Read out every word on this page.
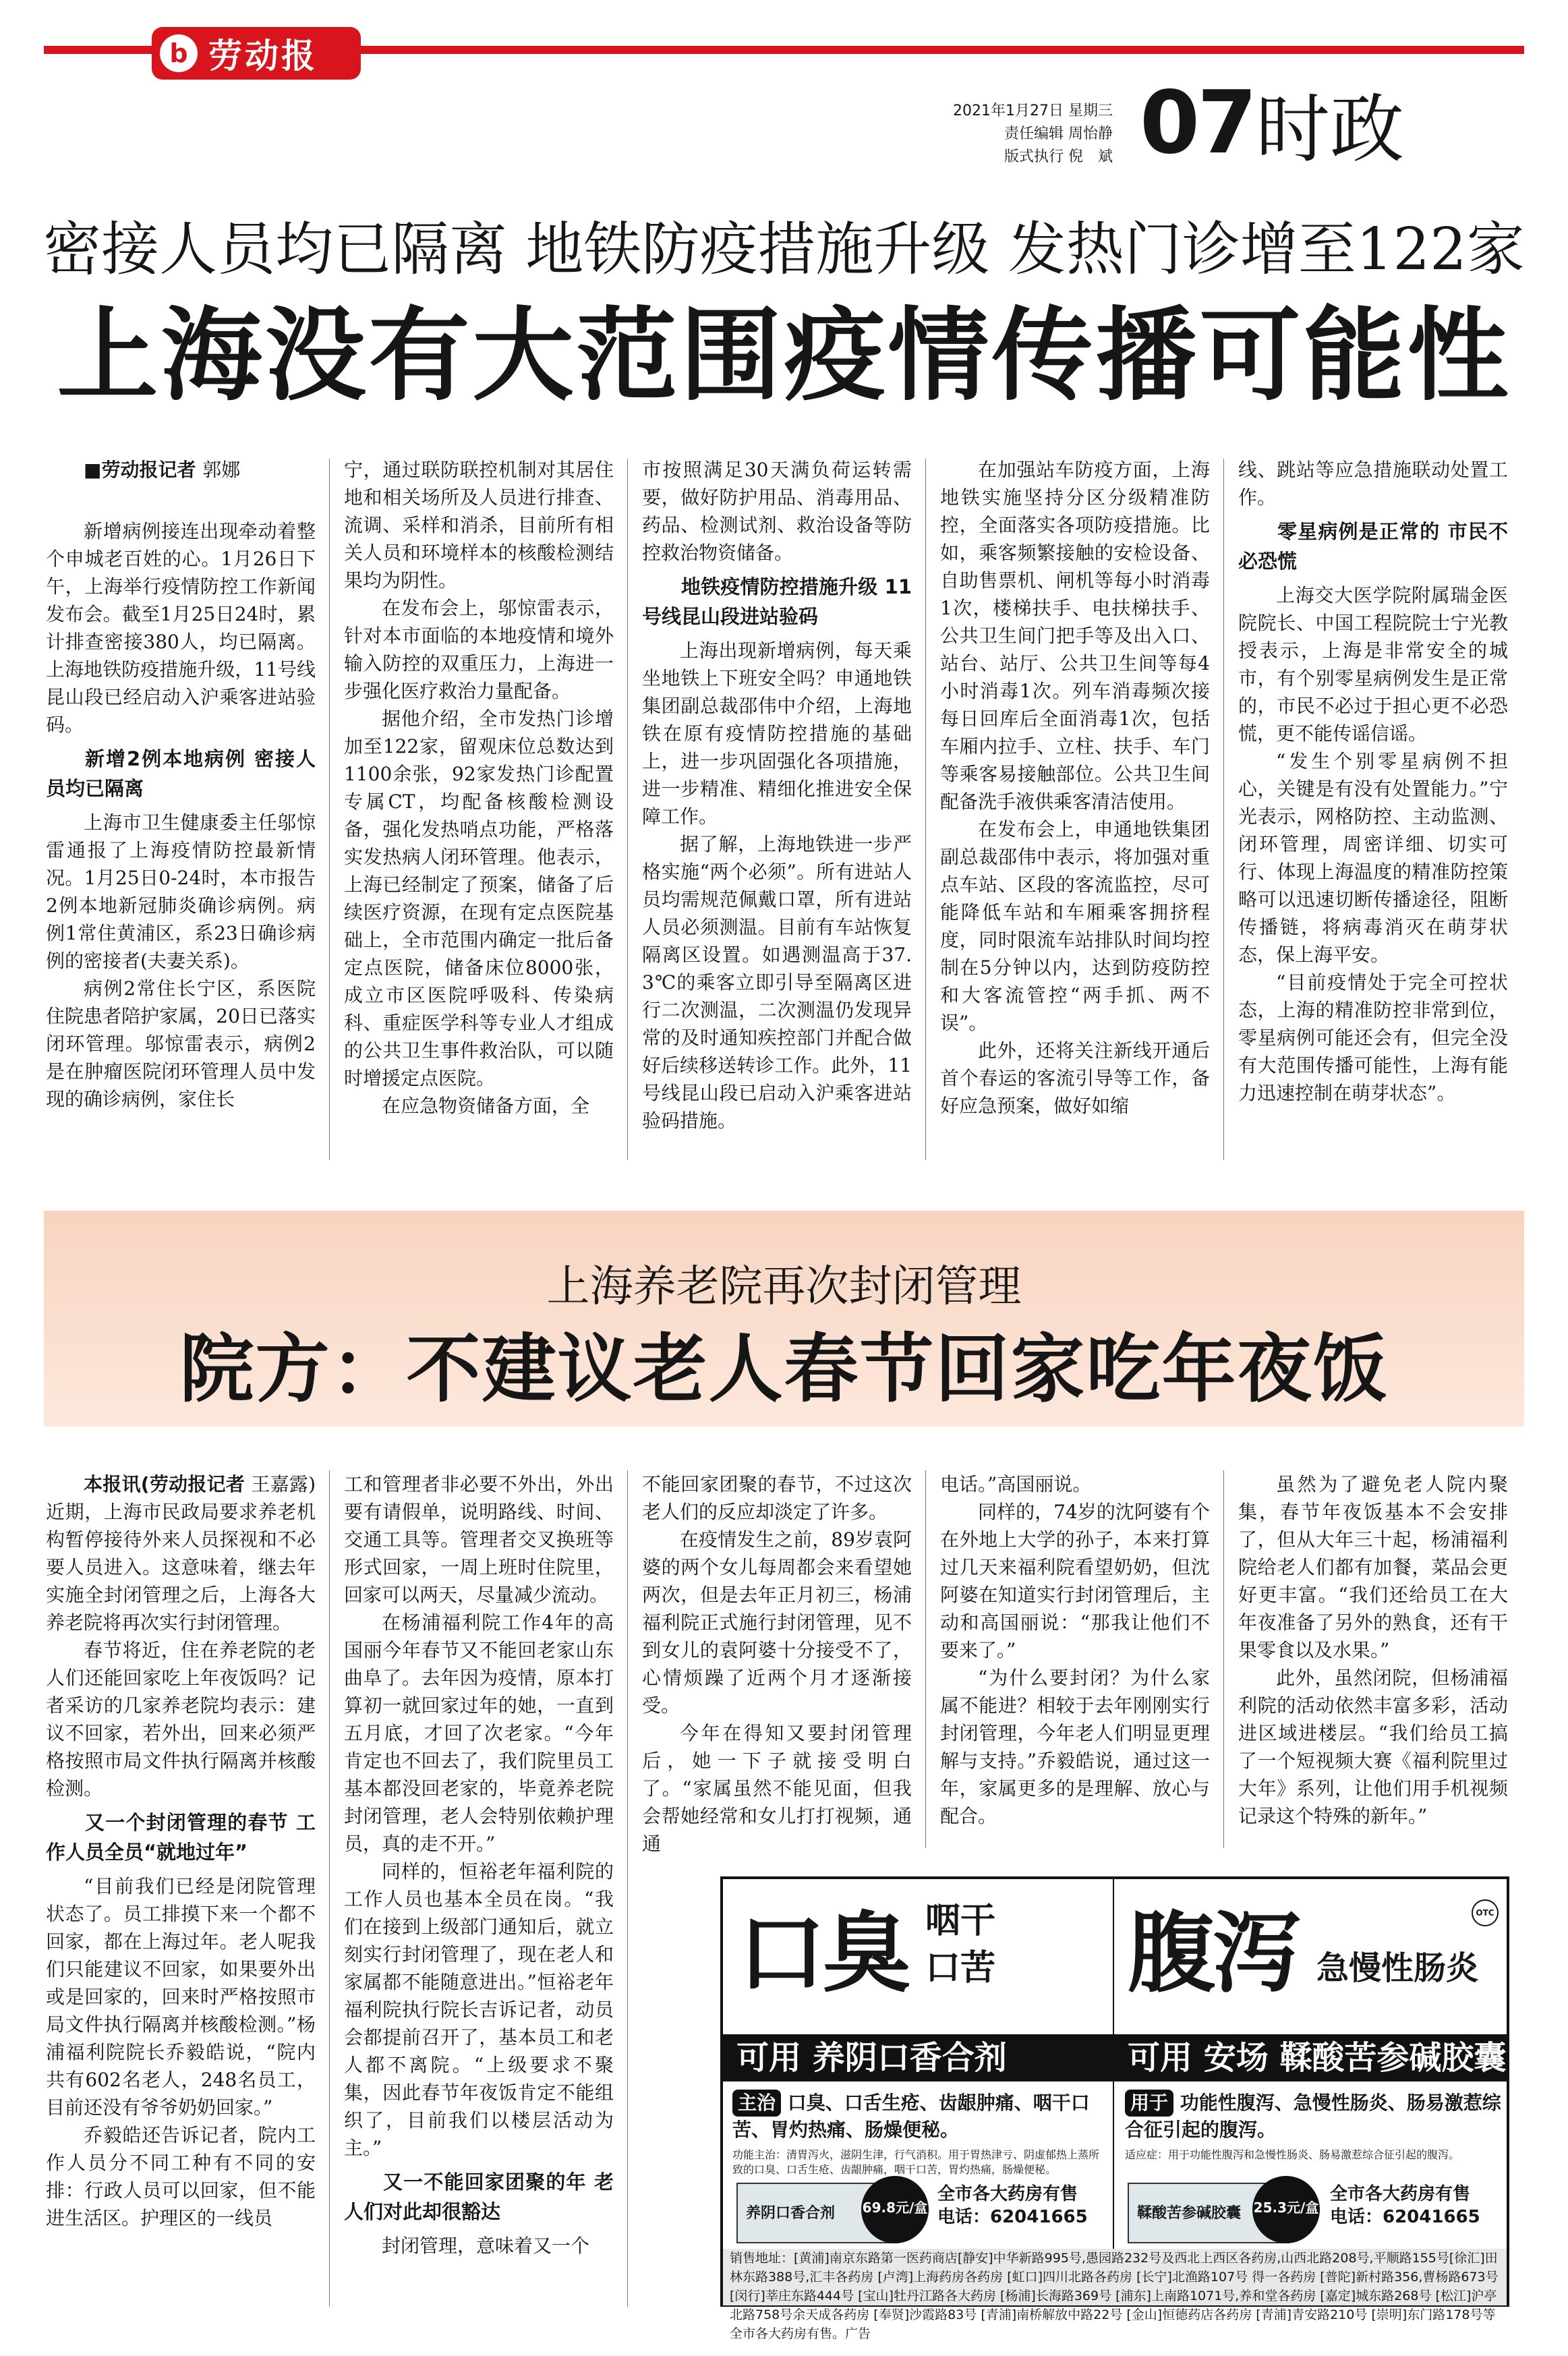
b 劳动报
2021年1月27日 星期三
责任编辑 周怡静
版式执行 倪　斌 07 时政
密接人员均已隔离 地铁防疫措施升级 发热门诊增至122家
上海没有大范围疫情传播可能性

■劳动报记者 郭娜

新增病例接连出现牵动着整个申城老百姓的心。1月26日下午，上海举行疫情防控工作新闻发布会。截至1月25日24时，累计排查密接380人，均已隔离。上海地铁防疫措施升级，11号线昆山段已经启动入沪乘客进站验码。

新增2例本地病例 密接人员均已隔离

上海市卫生健康委主任邬惊雷通报了上海疫情防控最新情况。1月25日0-24时，本市报告2例本地新冠肺炎确诊病例。病例1常住黄浦区，系23日确诊病例的密接者(夫妻关系)。

病例2常住长宁区，系医院住院患者陪护家属，20日已落实闭环管理。邬惊雷表示，病例2是在肿瘤医院闭环管理人员中发现的确诊病例，家住长

宁，通过联防联控机制对其居住地和相关场所及人员进行排查、流调、采样和消杀，目前所有相关人员和环境样本的核酸检测结果均为阴性。

在发布会上，邬惊雷表示，针对本市面临的本地疫情和境外输入防控的双重压力，上海进一步强化医疗救治力量配备。

据他介绍，全市发热门诊增加至122家，留观床位总数达到1100余张，92家发热门诊配置专属CT，均配备核酸检测设备，强化发热哨点功能，严格落实发热病人闭环管理。他表示，上海已经制定了预案，储备了后续医疗资源，在现有定点医院基础上，全市范围内确定一批后备定点医院，储备床位8000张，成立市区医院呼吸科、传染病科、重症医学科等专业人才组成的公共卫生事件救治队，可以随时增援定点医院。

在应急物资储备方面，全

市按照满足30天满负荷运转需要，做好防护用品、消毒用品、药品、检测试剂、救治设备等防控救治物资储备。

地铁疫情防控措施升级 11号线昆山段进站验码

上海出现新增病例，每天乘坐地铁上下班安全吗？申通地铁集团副总裁邵伟中介绍，上海地铁在原有疫情防控措施的基础上，进一步巩固强化各项措施，进一步精准、精细化推进安全保障工作。

据了解，上海地铁进一步严格实施“两个必须”。所有进站人员均需规范佩戴口罩，所有进站人员必须测温。目前有车站恢复隔离区设置。如遇测温高于37.3℃的乘客立即引导至隔离区进行二次测温，二次测温仍发现异常的及时通知疾控部门并配合做好后续移送转诊工作。此外，11号线昆山段已启动入沪乘客进站验码措施。

在加强站车防疫方面，上海地铁实施坚持分区分级精准防控，全面落实各项防疫措施。比如，乘客频繁接触的安检设备、自助售票机、闸机等每小时消毒1次，楼梯扶手、电扶梯扶手、公共卫生间门把手等及出入口、站台、站厅、公共卫生间等每4小时消毒1次。列车消毒频次接每日回库后全面消毒1次，包括车厢内拉手、立柱、扶手、车门等乘客易接触部位。公共卫生间配备洗手液供乘客清洁使用。

在发布会上，申通地铁集团副总裁邵伟中表示，将加强对重点车站、区段的客流监控，尽可能降低车站和车厢乘客拥挤程度，同时限流车站排队时间均控制在5分钟以内，达到防疫防控和大客流管控“两手抓、两不误”。

此外，还将关注新线开通后首个春运的客流引导等工作，备好应急预案，做好如缩

线、跳站等应急措施联动处置工作。

零星病例是正常的 市民不必恐慌

上海交大医学院附属瑞金医院院长、中国工程院院士宁光教授表示，上海是非常安全的城市，有个别零星病例发生是正常的，市民不必过于担心更不必恐慌，更不能传谣信谣。

“发生个别零星病例不担心，关键是有没有处置能力。”宁光表示，网格防控、主动监测、闭环管理，周密详细、切实可行、体现上海温度的精准防控策略可以迅速切断传播途径，阻断传播链，将病毒消灭在萌芽状态，保上海平安。

“目前疫情处于完全可控状态，上海的精准防控非常到位，零星病例可能还会有，但完全没有大范围传播可能性，上海有能力迅速控制在萌芽状态”。

上海养老院再次封闭管理
院方：不建议老人春节回家吃年夜饭

本报讯(劳动报记者 王嘉露) 近期，上海市民政局要求养老机构暂停接待外来人员探视和不必要人员进入。这意味着，继去年实施全封闭管理之后，上海各大养老院将再次实行封闭管理。

春节将近，住在养老院的老人们还能回家吃上年夜饭吗？记者采访的几家养老院均表示：建议不回家，若外出，回来必须严格按照市局文件执行隔离并核酸检测。

又一个封闭管理的春节 工作人员全员“就地过年”

“目前我们已经是闭院管理状态了。员工排摸下来一个都不回家，都在上海过年。老人呢我们只能建议不回家，如果要外出或是回家的，回来时严格按照市局文件执行隔离并核酸检测。”杨浦福利院院长乔毅皓说，“院内共有602名老人，248名员工，目前还没有爷爷奶奶回家。”

乔毅皓还告诉记者，院内工作人员分不同工种有不同的安排：行政人员可以回家，但不能进生活区。护理区的一线员

工和管理者非必要不外出，外出要有请假单，说明路线、时间、交通工具等。管理者交叉换班等形式回家，一周上班时住院里，回家可以两天，尽量减少流动。

在杨浦福利院工作4年的高国丽今年春节又不能回老家山东曲阜了。去年因为疫情，原本打算初一就回家过年的她，一直到五月底，才回了次老家。“今年肯定也不回去了，我们院里员工基本都没回老家的，毕竟养老院封闭管理，老人会特别依赖护理员，真的走不开。”

同样的，恒裕老年福利院的工作人员也基本全员在岗。“我们在接到上级部门通知后，就立刻实行封闭管理了，现在老人和家属都不能随意进出。”恒裕老年福利院执行院长吉诉记者，动员会都提前召开了，基本员工和老人都不离院。“上级要求不聚集，因此春节年夜饭肯定不能组织了，目前我们以楼层活动为主。”

又一不能回家团聚的年 老人们对此却很豁达

封闭管理，意味着又一个

不能回家团聚的春节，不过这次老人们的反应却淡定了许多。

在疫情发生之前，89岁袁阿婆的两个女儿每周都会来看望她两次，但是去年正月初三，杨浦福利院正式施行封闭管理，见不到女儿的袁阿婆十分接受不了，心情烦躁了近两个月才逐渐接受。

今年在得知又要封闭管理后，她一下子就接受明白了。“家属虽然不能见面，但我会帮她经常和女儿打打视频，通通

电话。”高国丽说。

同样的，74岁的沈阿婆有个在外地上大学的孙子，本来打算过几天来福利院看望奶奶，但沈阿婆在知道实行封闭管理后，主动和高国丽说：“那我让他们不要来了。”

“为什么要封闭？为什么家属不能进？相较于去年刚刚实行封闭管理，今年老人们明显更理解与支持。”乔毅皓说，通过这一年，家属更多的是理解、放心与配合。

虽然为了避免老人院内聚集，春节年夜饭基本不会安排了，但从大年三十起，杨浦福利院给老人们都有加餐，菜品会更好更丰富。“我们还给员工在大年夜准备了另外的熟食，还有干果零食以及水果。”

此外，虽然闭院，但杨浦福利院的活动依然丰富多彩，活动进区域进楼层。“我们给员工搞了一个短视频大赛《福利院里过大年》系列，让他们用手机视频记录这个特殊的新年。”

口臭 咽干
口苦 腹泻 急慢性肠炎
OTC
可用 养阴口香合剂	可用 安场 鞣酸苦参碱胶囊
主治 口臭、口舌生疮、齿龈肿痛、咽干口苦、胃灼热痛、肠燥便秘。
功能主治：清胃泻火，滋阴生津，行气消积。用于胃热津亏、阴虚郁热上蒸所致的口臭、口舌生疮、齿龈肿痛，咽干口苦，胃灼热痛，肠燥便秘。
养阴口香合剂	69.8元/盒
全市各大药房有售
电话：62041665
用于 功能性腹泻、急慢性肠炎、肠易激惹综合征引起的腹泻。
适应症：用于功能性腹泻和急慢性肠炎、肠易激惹综合征引起的腹泻。
鞣酸苦参碱胶囊 25.3元/盒
全市各大药房有售
电话：62041665
销售地址：[黄浦]南京东路第一医药商店[静安]中华新路995号,愚园路232号及西北上西区各药房,山西北路208号,平顺路155号[徐汇]田林东路388号,汇丰各药房 [卢湾]上海药房各药房 [虹口]四川北路各药房 [长宁]北渔路107号 得一各药房 [普陀]新村路356,曹杨路673号 [闵行]莘庄东路444号 [宝山]牡丹江路各大药房 [杨浦]长海路369号 [浦东]上南路1071号,养和堂各药房 [嘉定]城东路268号 [松江]沪亭北路758号余天成各药房 [奉贤]沙霞路83号 [青浦]南桥解放中路22号 [金山]恒德药店各药房 [青浦]青安路210号 [崇明]东门路178号等全市各大药房有售。广告
